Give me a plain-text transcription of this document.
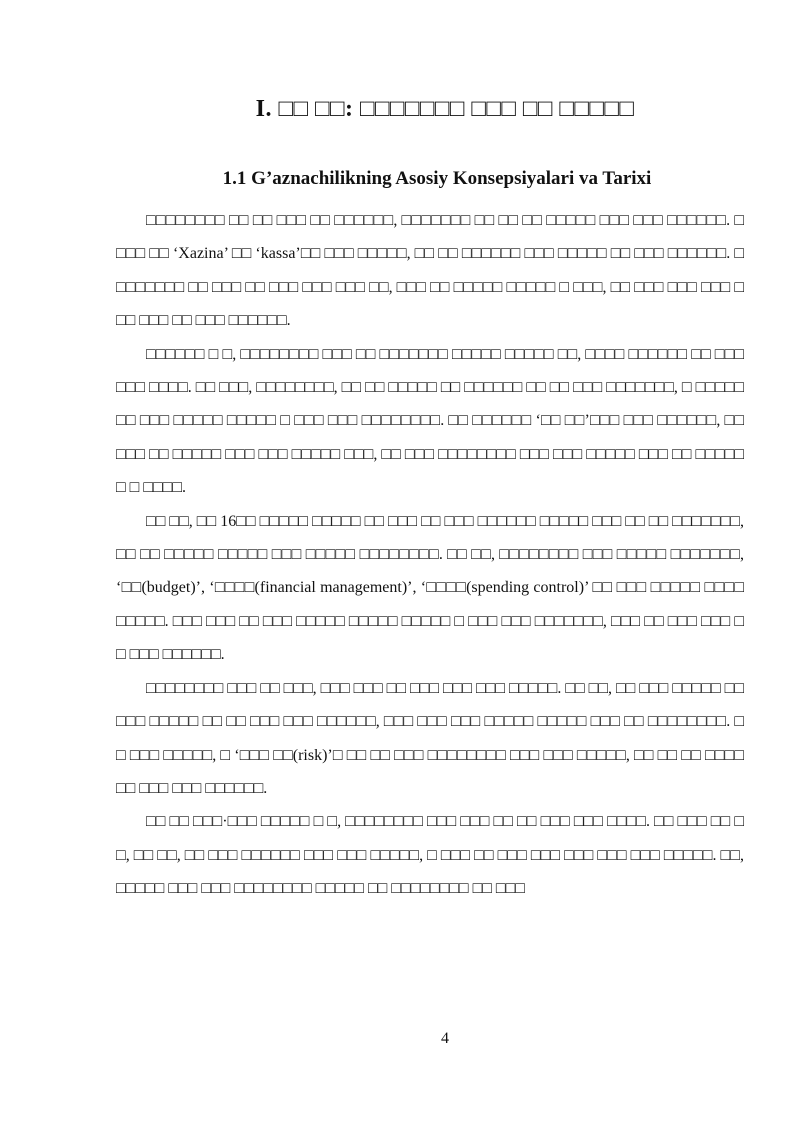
I. □□ □□: □□□□□□□ □□□ □□ □□□□□
1.1 G’aznachilikning Asosiy Konsepsiyalari va Tarixi

□□□□□□□□ □□ □□ □□□ □□ □□□□□□, □□□□□□□ □□ □□ □□ □□□□□ □□□ □□□ □□□□□□. □ □□□ □□ ‘Xazina’ □□ ‘kassa’□□ □□□ □□□□□, □□ □□ □□□□□□ □□□ □□□□□ □□ □□□ □□□□□□. □□□□□□□□ □□ □□□ □□ □□□ □□□ □□□ □□, □□□ □□ □□□□□ □□□□□ □ □□□, □□ □□□ □□□ □□□ □□□ □□□ □□ □□□ □□□□□□.

□□□□□□ □ □, □□□□□□□□ □□□ □□ □□□□□□□ □□□□□ □□□□□ □□, □□□□ □□□□□□ □□ □□□□□□ □□□□. □□ □□□, □□□□□□□□, □□ □□ □□□□□ □□ □□□□□□ □□ □□ □□□ □□□□□□□, □ □□□□□ □□ □□□ □□□□□ □□□□□ □ □□□ □□□ □□□□□□□□. □□ □□□□□□ ‘□□ □□’□□□ □□□ □□□□□□, □□ □□□ □□ □□□□□ □□□ □□□ □□□□□ □□□, □□ □□□ □□□□□□□□ □□□ □□□ □□□□□ □□□ □□ □□□□□ □ □ □□□□.

□□ □□, □□ 16□□ □□□□□ □□□□□ □□ □□□ □□ □□□ □□□□□□ □□□□□ □□□ □□ □□ □□□□□□□, □□ □□ □□□□□ □□□□□ □□□ □□□□□ □□□□□□□□. □□ □□, □□□□□□□□ □□□ □□□□□ □□□□□□□, ‘□□(budget)’, ‘□□□□(financial management)’, ‘□□□□(spending control)’ □□ □□□ □□□□□ □□□□□□□□□. □□□ □□□ □□ □□□ □□□□□ □□□□□ □□□□□ □ □□□ □□□ □□□□□□□, □□□ □□ □□□ □□□ □□ □□□ □□□□□□.

□□□□□□□□ □□□ □□ □□□, □□□ □□□ □□ □□□ □□□ □□□ □□□□□. □□ □□, □□ □□□ □□□□□ □□□□□ □□□□□ □□ □□ □□□ □□□ □□□□□□, □□□ □□□ □□□ □□□□□ □□□□□ □□□ □□ □□□□□□□□. □□ □□□ □□□□□, □ ‘□□□ □□(risk)’□ □□ □□ □□□ □□□□□□□□ □□□ □□□ □□□□□, □□ □□ □□ □□□□□□ □□□ □□□ □□□□□□.

□□ □□ □□□·□□□ □□□□□ □ □, □□□□□□□□ □□□ □□□ □□ □□ □□□ □□□ □□□□. □□ □□□ □□ □□, □□ □□, □□ □□□ □□□□□□ □□□ □□□ □□□□□, □ □□□ □□ □□□ □□□ □□□ □□□ □□□ □□□□□. □□, □□□□□ □□□ □□□ □□□□□□□□ □□□□□ □□ □□□□□□□□ □□ □□□

4
